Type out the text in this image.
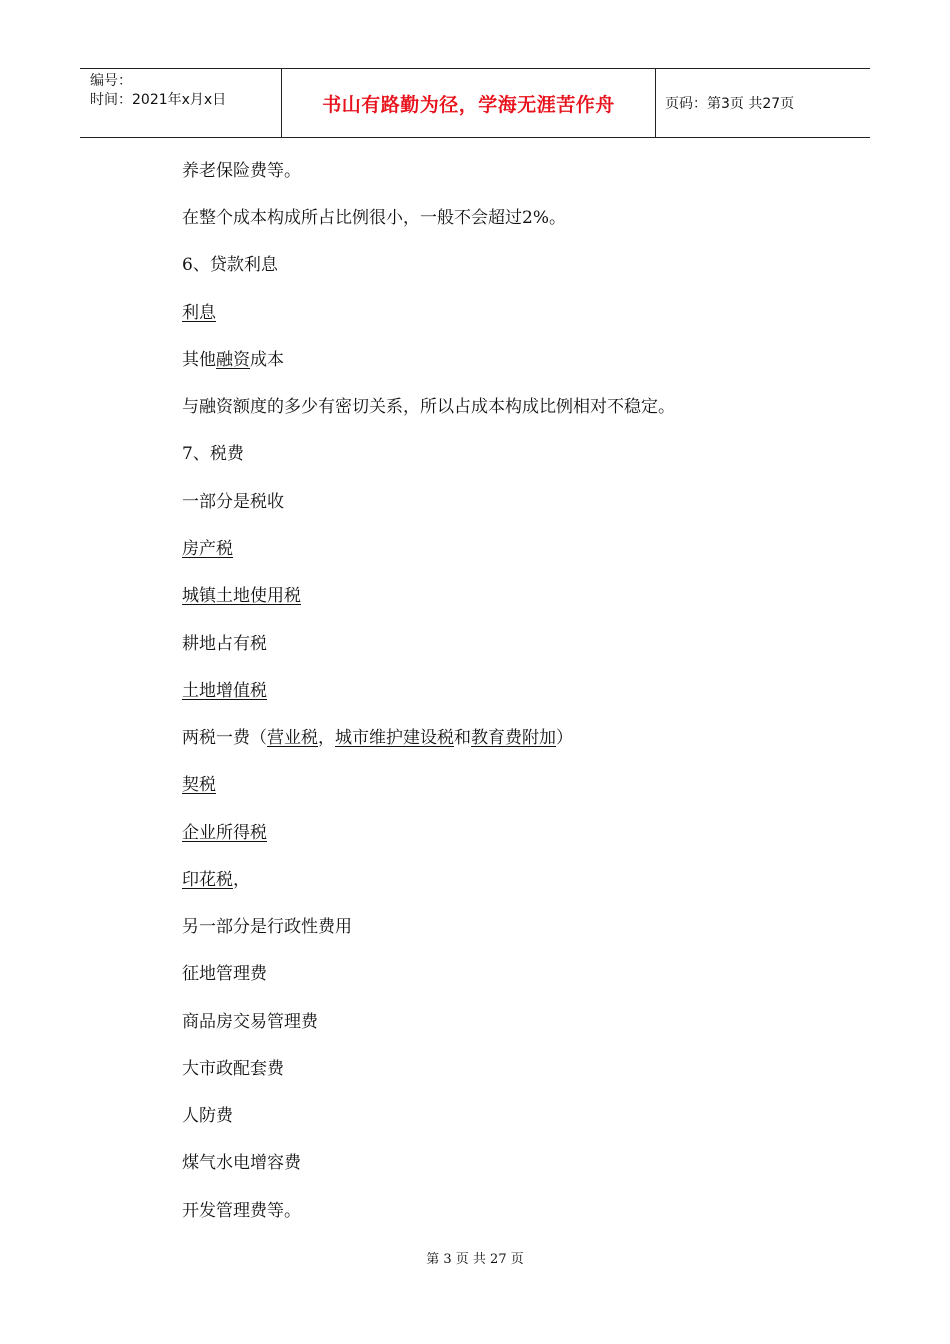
编号：
时间：2021年x月x日	书山有路勤为径，学海无涯苦作舟	页码：第3页 共27页
养老保险费等。
在整个成本构成所占比例很小，一般不会超过2%。
6、贷款利息
利息
其他融资成本
与融资额度的多少有密切关系，所以占成本构成比例相对不稳定。
7、税费
一部分是税收
房产税
城镇土地使用税
耕地占有税
土地增值税
两税一费（营业税，城市维护建设税和教育费附加）
契税
企业所得税
印花税，
另一部分是行政性费用
征地管理费
商品房交易管理费
大市政配套费
人防费
煤气水电增容费
开发管理费等。
第 3 页 共 27 页
